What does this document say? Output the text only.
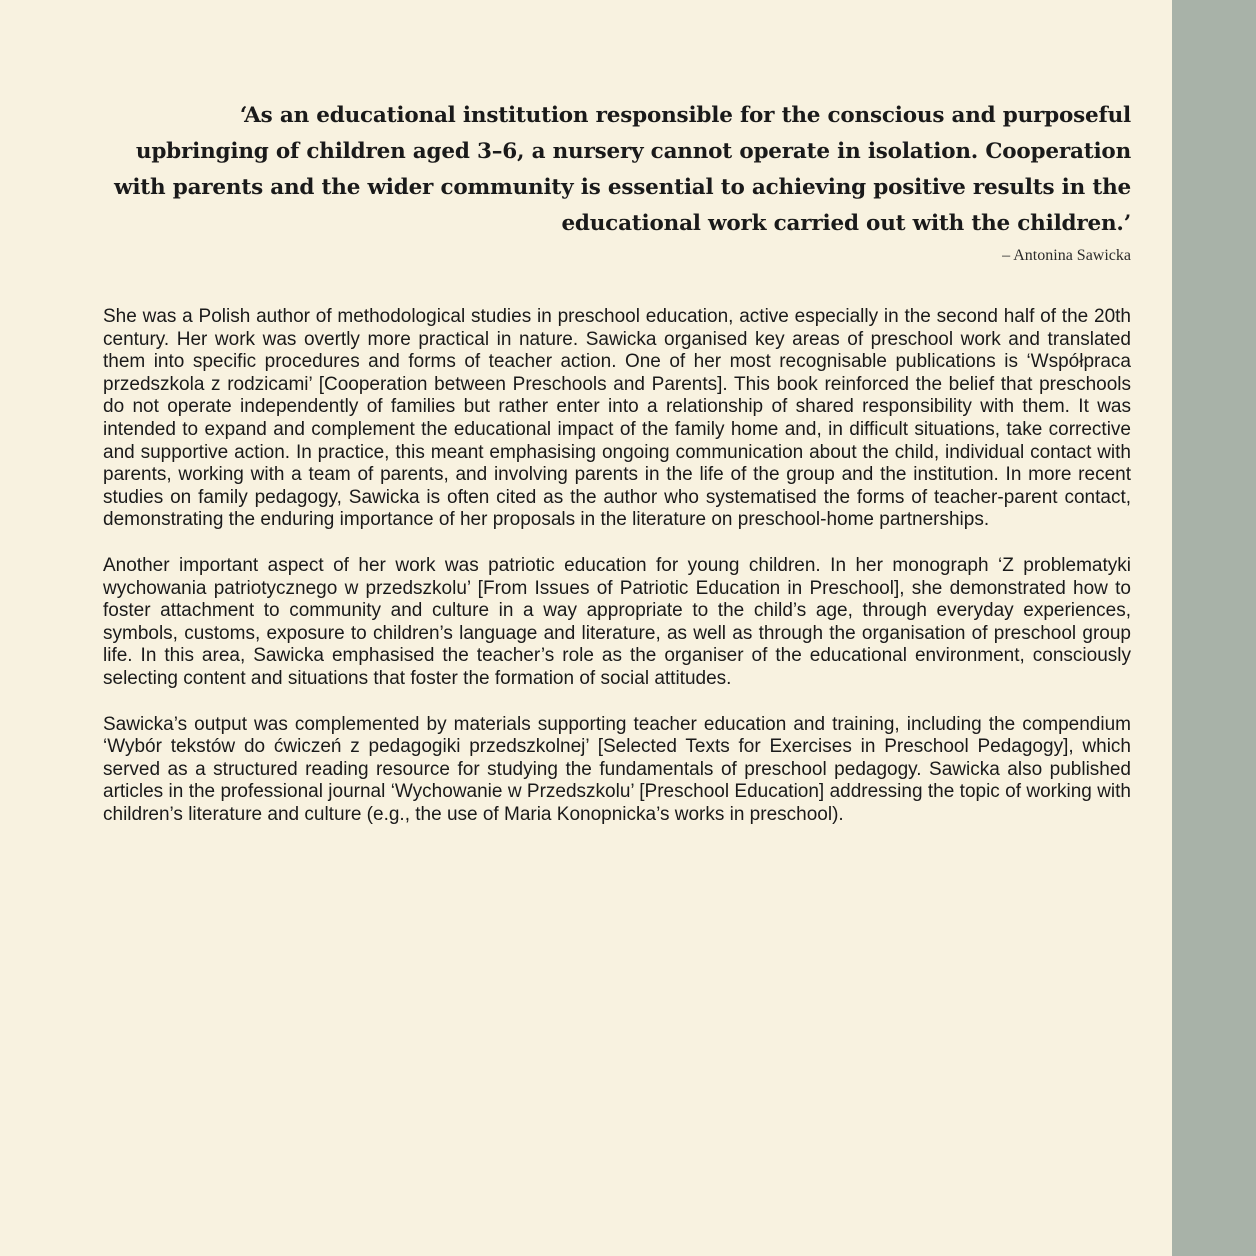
‘As an educational institution responsible for the conscious and purposeful upbringing of children aged 3–6, a nursery cannot operate in isolation. Cooperation with parents and the wider community is essential to achieving positive results in the educational work carried out with the children.’

– Antonina Sawicka

She was a Polish author of methodological studies in preschool education, active especially in the second half of the 20th century. Her work was overtly more practical in nature. Sawicka organised key areas of preschool work and translated them into specific procedures and forms of teacher action. One of her most recognisable publications is ‘Współpraca przedszkola z rodzicami’ [Cooperation between Preschools and Parents]. This book reinforced the belief that preschools do not operate independently of families but rather enter into a relationship of shared responsibility with them. It was intended to expand and complement the educational impact of the family home and, in difficult situations, take corrective and supportive action. In practice, this meant emphasising ongoing communication about the child, individual contact with parents, working with a team of parents, and involving parents in the life of the group and the institution. In more recent studies on family pedagogy, Sawicka is often cited as the author who systematised the forms of teacher-parent contact, demonstrating the enduring importance of her proposals in the literature on preschool-home partnerships.

Another important aspect of her work was patriotic education for young children. In her monograph ‘Z problematyki wychowania patriotycznego w przedszkolu’ [From Issues of Patriotic Education in Preschool], she demonstrated how to foster attachment to community and culture in a way appropriate to the child’s age, through everyday experiences, symbols, customs, exposure to children’s language and literature, as well as through the organisation of preschool group life. In this area, Sawicka emphasised the teacher’s role as the organiser of the educational environment, consciously selecting content and situations that foster the formation of social attitudes.

Sawicka’s output was complemented by materials supporting teacher education and training, including the compendium ‘Wybór tekstów do ćwiczeń z pedagogiki przedszkolnej’ [Selected Texts for Exercises in Preschool Pedagogy], which served as a structured reading resource for studying the fundamentals of preschool pedagogy. Sawicka also published articles in the professional journal ‘Wychowanie w Przedszkolu’ [Preschool Education] addressing the topic of working with children’s literature and culture (e.g., the use of Maria Konopnicka’s works in preschool).
